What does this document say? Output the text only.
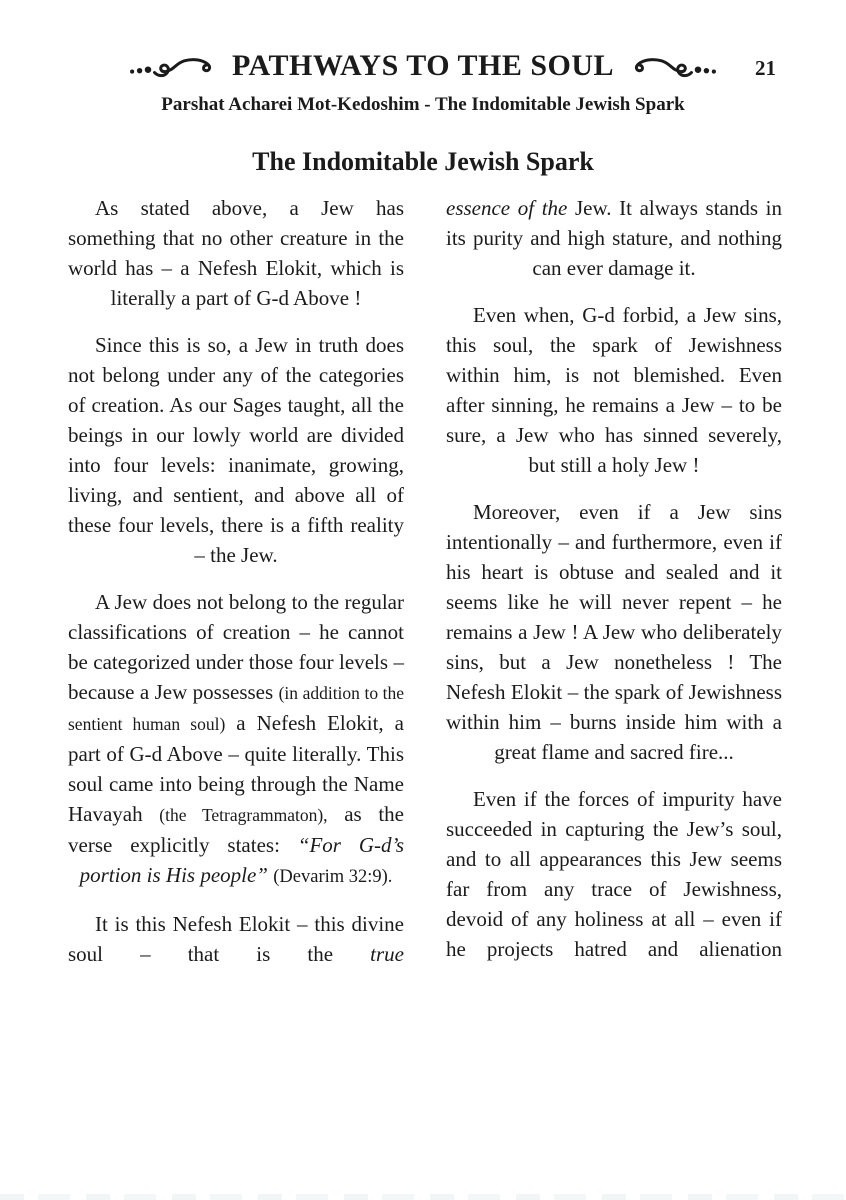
PATHWAYS TO THE SOUL	21
Parshat Acharei Mot-Kedoshim - The Indomitable Jewish Spark
The Indomitable Jewish Spark

As stated above, a Jew has something that no other creature in the world has – a Nefesh Elokit, which is literally a part of G-d Above !

Since this is so, a Jew in truth does not belong under any of the categories of creation. As our Sages taught, all the beings in our lowly world are divided into four levels: inanimate, growing, living, and sentient, and above all of these four levels, there is a fifth reality – the Jew.

A Jew does not belong to the regular classifications of creation – he cannot be categorized under those four levels – because a Jew possesses (in addition to the sentient human soul) a Nefesh Elokit, a part of G-d Above – quite literally. This soul came into being through the Name Havayah (the Tetragrammaton), as the verse explicitly states: “For G-d’s portion is His people” (Devarim 32:9).

It is this Nefesh Elokit – this divine soul – that is the true

essence of the Jew. It always stands in its purity and high stature, and nothing can ever damage it.

Even when, G-d forbid, a Jew sins, this soul, the spark of Jewishness within him, is not blemished. Even after sinning, he remains a Jew – to be sure, a Jew who has sinned severely, but still a holy Jew !

Moreover, even if a Jew sins intentionally – and furthermore, even if his heart is obtuse and sealed and it seems like he will never repent – he remains a Jew ! A Jew who deliberately sins, but a Jew nonetheless ! The Nefesh Elokit – the spark of Jewishness within him – burns inside him with a great flame and sacred fire...

Even if the forces of impurity have succeeded in capturing the Jew’s soul, and to all appearances this Jew seems far from any trace of Jewishness, devoid of any holiness at all – even if he projects hatred and alienation
